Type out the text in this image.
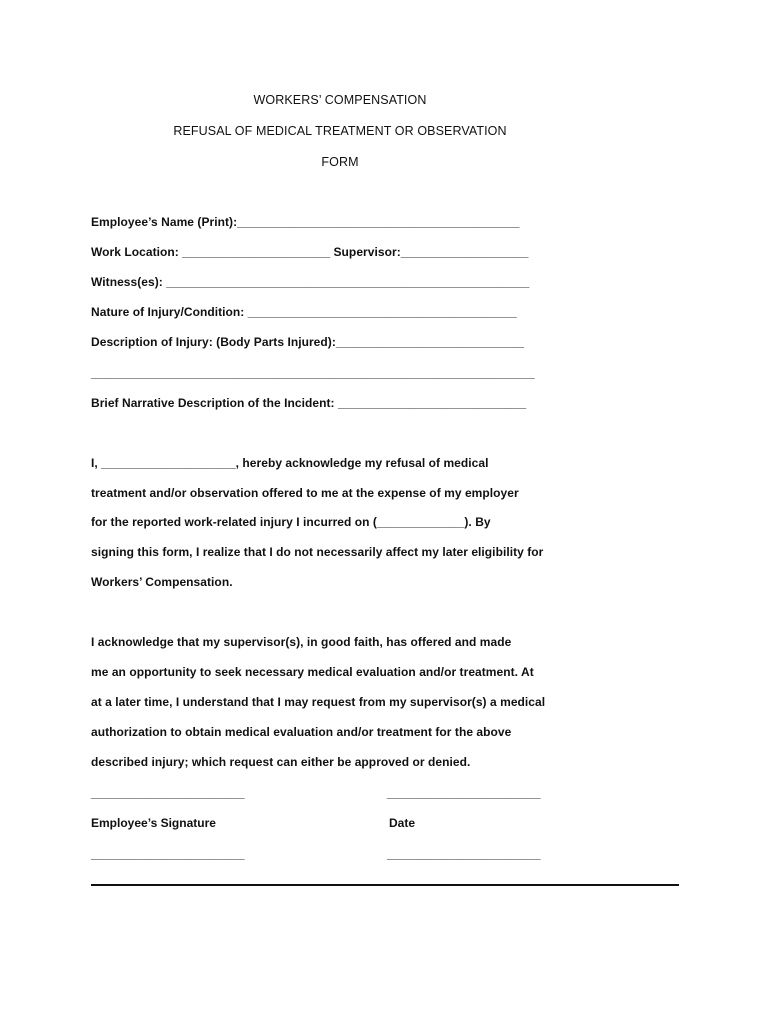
WORKERS’ COMPENSATION
REFUSAL OF MEDICAL TREATMENT OR OBSERVATION
FORM
Employee’s Name (Print):__________________________________________
Work Location: ______________________ Supervisor:___________________
Witness(es): ______________________________________________________
Nature of Injury/Condition: ________________________________________
Description of Injury: (Body Parts Injured):____________________________
__________________________________________________________________
Brief Narrative Description of the Incident: ____________________________
I, ____________________, hereby acknowledge my refusal of medical
treatment and/or observation offered to me at the expense of my employer
for the reported work-related injury I incurred on (_____________). By
signing this form, I realize that I do not necessarily affect my later eligibility for
Workers’ Compensation.
I acknowledge that my supervisor(s), in good faith, has offered and made
me an opportunity to seek necessary medical evaluation and/or treatment. At
at a later time, I understand that I may request from my supervisor(s) a medical
authorization to obtain medical evaluation and/or treatment for the above
described injury; which request can either be approved or denied.
_______________________	_______________________
Employee’s Signature	Date
_______________________	_______________________
